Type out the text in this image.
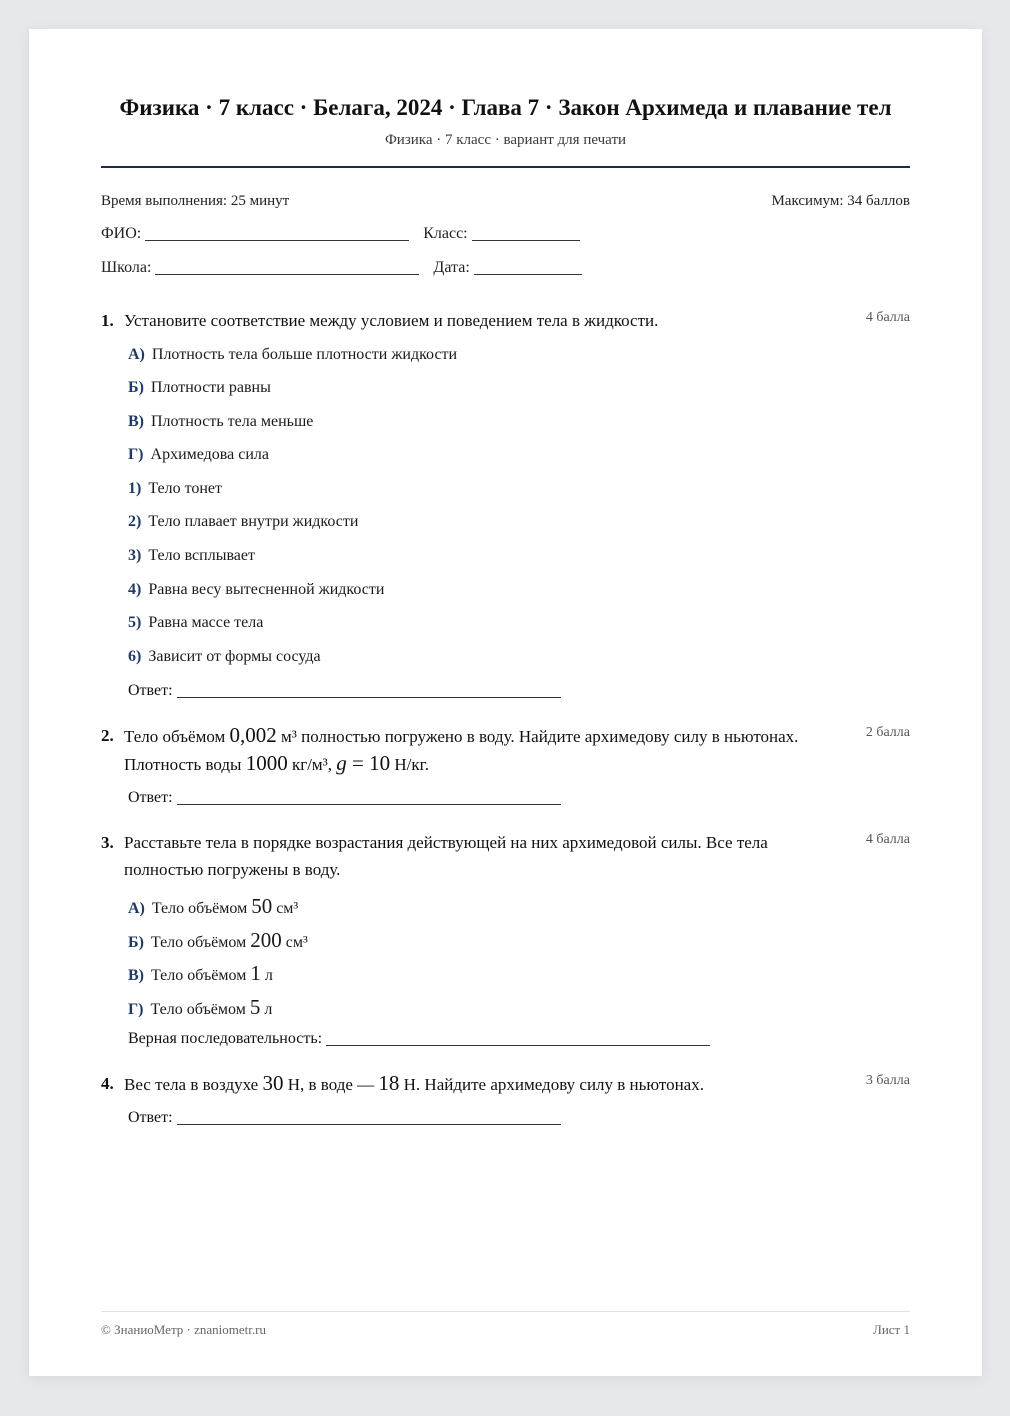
Физика · 7 класс · Белага, 2024 · Глава 7 · Закон Архимеда и плавание тел
Физика · 7 класс · вариант для печати
Время выполнения: 25 минут	Максимум: 34 баллов
ФИО:	Класс:
Школа:	Дата:
1. Установите соответствие между условием и поведением тела в жидкости.	4 балла
А) Плотность тела больше плотности жидкости
Б) Плотности равны
В) Плотность тела меньше
Г) Архимедова сила
1) Тело тонет
2) Тело плавает внутри жидкости
3) Тело всплывает
4) Равна весу вытесненной жидкости
5) Равна массе тела
6) Зависит от формы сосуда
Ответ:
2. Тело объёмом 0,002 м³ полностью погружено в воду. Найдите архимедову силу в ньютонах. Плотность воды 1000 кг/м³, g = 10 Н/кг.
2 балла
Ответ:
3. Расставьте тела в порядке возрастания действующей на них архимедовой силы. Все тела полностью погружены в воду.
4 балла
А) Тело объёмом 50 см³
Б) Тело объёмом 200 см³
В) Тело объёмом 1 л
Г) Тело объёмом 5 л
Верная последовательность:
4. Вес тела в воздухе 30 Н, в воде — 18 Н. Найдите архимедову силу в ньютонах.	3 балла
Ответ:
© ЗнаниоМетр · znaniometr.ru	Лист 1
